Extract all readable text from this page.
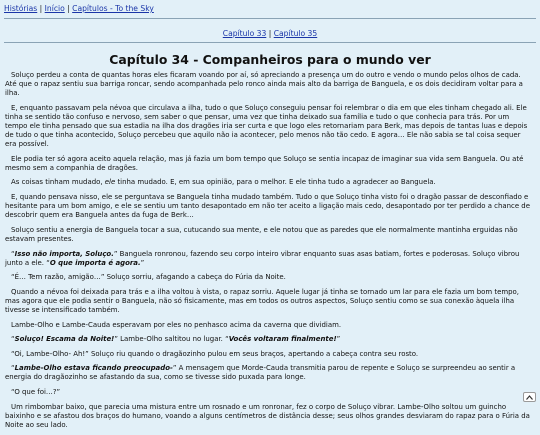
Histórias | Início | Capítulos - To the Sky
Capítulo 33 | Capítulo 35
Capítulo 34 - Companheiros para o mundo ver

Soluço perdeu a conta de quantas horas eles ficaram voando por aí, só apreciando a presença um do outro e vendo o mundo pelos olhos de cada. Até que o rapaz sentiu sua barriga roncar, sendo acompanhada pelo ronco ainda mais alto da barriga de Banguela, e os dois decidiram voltar para a ilha.

E, enquanto passavam pela névoa que circulava a ilha, tudo o que Soluço conseguiu pensar foi relembrar o dia em que eles tinham chegado ali. Ele tinha se sentido tão confuso e nervoso, sem saber o que pensar, uma vez que tinha deixado sua família e tudo o que conhecia para trás. Por um tempo ele tinha pensado que sua estadia na ilha dos dragões iria ser curta e que logo eles retornariam para Berk, mas depois de tantas luas e depois de tudo o que tinha acontecido, Soluço percebeu que aquilo não ia acontecer, pelo menos não tão cedo. E agora… Ele não sabia se tal coisa sequer era possível.

Ele podia ter só agora aceito aquela relação, mas já fazia um bom tempo que Soluço se sentia incapaz de imaginar sua vida sem Banguela. Ou até mesmo sem a companhia de dragões.

As coisas tinham mudado, ele tinha mudado. E, em sua opinião, para o melhor. E ele tinha tudo a agradecer ao Banguela.

E, quando pensava nisso, ele se perguntava se Banguela tinha mudado também. Tudo o que Soluço tinha visto foi o dragão passar de desconfiado e hesitante para um bom amigo, e ele se sentiu um tanto desapontado em não ter aceito a ligação mais cedo, desapontado por ter perdido a chance de descobrir quem era Banguela antes da fuga de Berk…

Soluço sentiu a energia de Banguela tocar a sua, cutucando sua mente, e ele notou que as paredes que ele normalmente mantinha erguidas não estavam presentes.

“Isso não importa, Soluço.” Banguela ronronou, fazendo seu corpo inteiro vibrar enquanto suas asas batiam, fortes e poderosas. Soluço vibrou junto a ele. “O que importa é agora.”

“É… Tem razão, amigão…” Soluço sorriu, afagando a cabeça do Fúria da Noite.

Quando a névoa foi deixada para trás e a ilha voltou à vista, o rapaz sorriu. Aquele lugar já tinha se tornado um lar para ele fazia um bom tempo, mas agora que ele podia sentir o Banguela, não só fisicamente, mas em todos os outros aspectos, Soluço sentiu como se sua conexão àquela ilha tivesse se intensificado também.

Lambe-Olho e Lambe-Cauda esperavam por eles no penhasco acima da caverna que dividiam.

“Soluço! Escama da Noite!” Lambe-Olho saltitou no lugar. “Vocês voltaram finalmente!”

“Oi, Lambe-Olho- Ah!” Soluço riu quando o dragãozinho pulou em seus braços, apertando a cabeça contra seu rosto.

“Lambe-Olho estava ficando preocupado-” A mensagem que Morde-Cauda transmitia parou de repente e Soluço se surpreendeu ao sentir a energia do dragãozinho se afastando da sua, como se tivesse sido puxada para longe.

“O que foi…?”

Um rimbombar baixo, que parecia uma mistura entre um rosnado e um ronronar, fez o corpo de Soluço vibrar. Lambe-Olho soltou um guincho baixinho e se afastou dos braços do humano, voando a alguns centímetros de distância desse; seus olhos grandes desviaram do rapaz para o Fúria da Noite ao seu lado.
